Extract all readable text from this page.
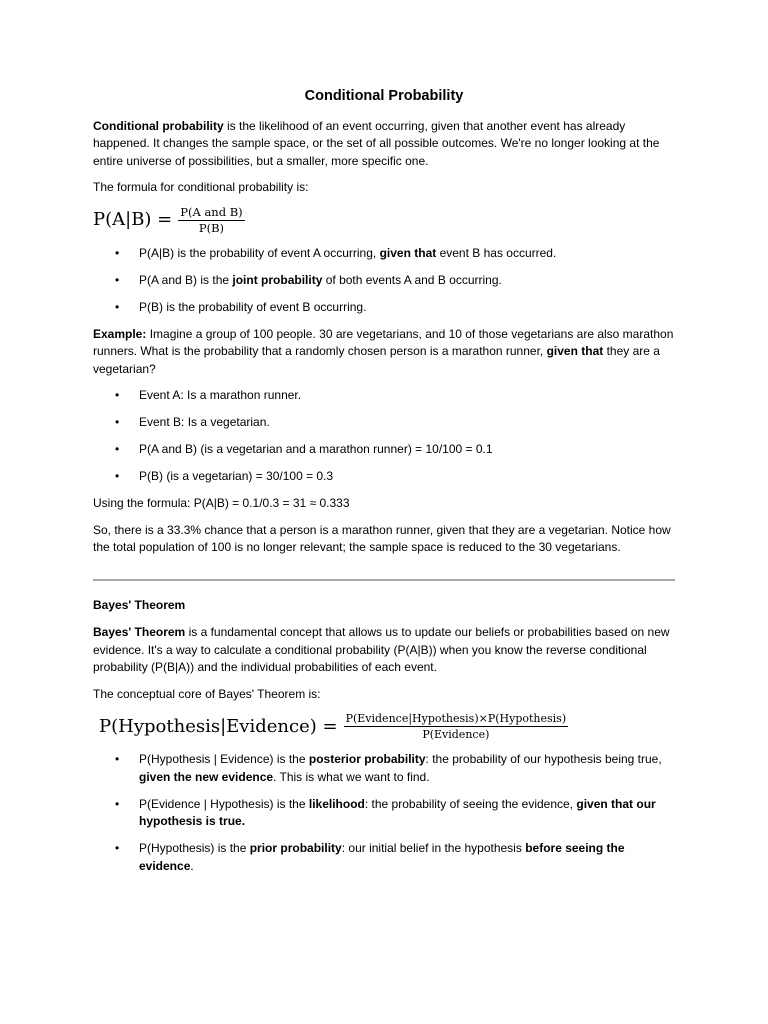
Conditional Probability

Conditional probability is the likelihood of an event occurring, given that another event has already happened. It changes the sample space, or the set of all possible outcomes. We're no longer looking at the entire universe of possibilities, but a smaller, more specific one.

The formula for conditional probability is:

$P(A|B) = \frac{\text{P(A and B)}}{P(B)}$
• P(A|B) is the probability of event A occurring, given that event B has occurred.
• P(A and B) is the joint probability of both events A and B occurring.
• P(B) is the probability of event B occurring.

Example: Imagine a group of 100 people. 30 are vegetarians, and 10 of those vegetarians are also marathon runners. What is the probability that a randomly chosen person is a marathon runner, given that they are a vegetarian?

• Event A: Is a marathon runner.
• Event B: Is a vegetarian.
• P(A and B) (is a vegetarian and a marathon runner) = 10/100 = 0.1
• P(B) (is a vegetarian) = 30/100 = 0.3

Using the formula: P(A|B) = 0.1/0.3 = 31 ≈ 0.333

So, there is a 33.3% chance that a person is a marathon runner, given that they are a vegetarian. Notice how the total population of 100 is no longer relevant; the sample space is reduced to the 30 vegetarians.

Bayes' Theorem

Bayes' Theorem is a fundamental concept that allows us to update our beliefs or probabilities based on new evidence. It's a way to calculate a conditional probability (P(A|B)) when you know the reverse conditional probability (P(B|A)) and the individual probabilities of each event.

The conceptual core of Bayes' Theorem is:

P(Hypothesis|Evidence) = $\frac{\text{P(Evidence|Hypothesis)×P(Hypothesis)}}{\text{P(Evidence)}}$
• P(Hypothesis | Evidence) is the posterior probability: the probability of our hypothesis being true, given the new evidence. This is what we want to find.
• P(Evidence | Hypothesis) is the likelihood: the probability of seeing the evidence, given that our hypothesis is true.
• P(Hypothesis) is the prior probability: our initial belief in the hypothesis before seeing the evidence.
